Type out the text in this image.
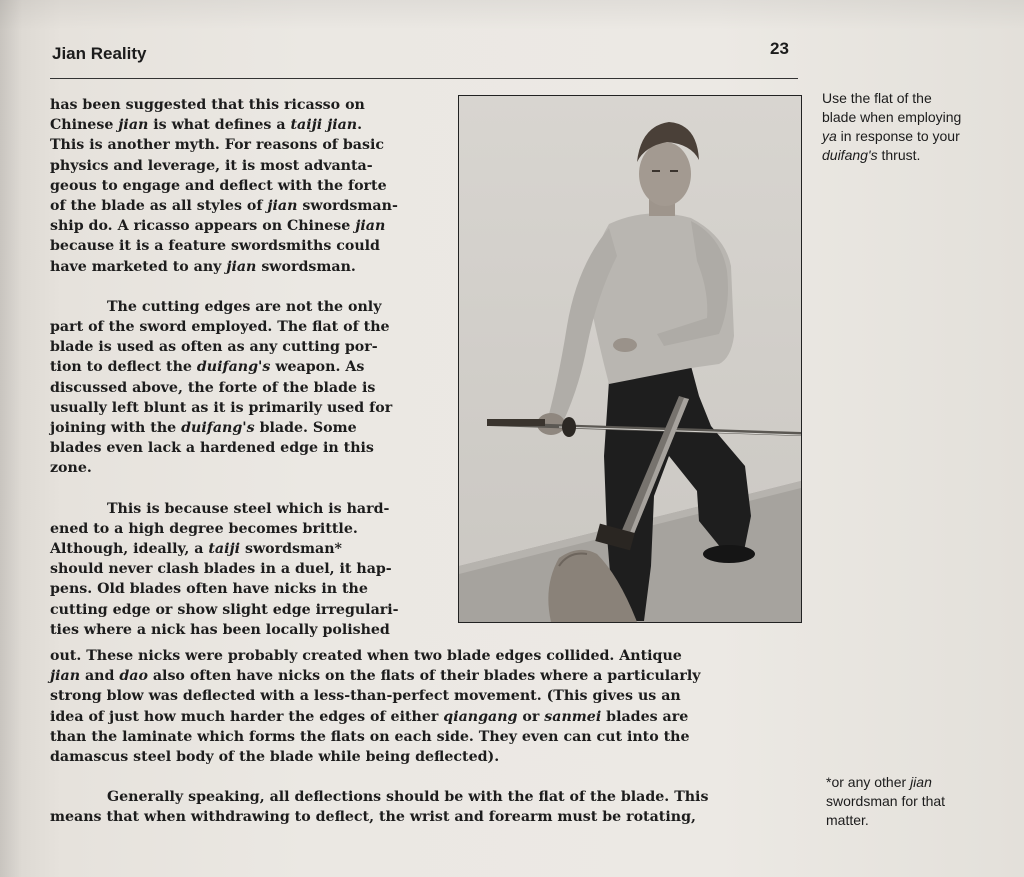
Jian Reality	23

has been suggested that this ricasso on
Chinese jian is what defines a taiji jian.
This is another myth. For reasons of basic
physics and leverage, it is most advanta-
geous to engage and deflect with the forte
of the blade as all styles of jian swordsman-
ship do. A ricasso appears on Chinese jian
because it is a feature swordsmiths could
have marketed to any jian swordsman.

The cutting edges are not the only
part of the sword employed. The flat of the
blade is used as often as any cutting por-
tion to deflect the duifang's weapon. As
discussed above, the forte of the blade is
usually left blunt as it is primarily used for
joining with the duifang's blade. Some
blades even lack a hardened edge in this
zone.

This is because steel which is hard-
ened to a high degree becomes brittle.
Although, ideally, a taiji swordsman*
should never clash blades in a duel, it hap-
pens. Old blades often have nicks in the
cutting edge or show slight edge irregulari-
ties where a nick has been locally polished

out. These nicks were probably created when two blade edges collided. Antique
jian and dao also often have nicks on the flats of their blades where a particularly
strong blow was deflected with a less-than-perfect movement. (This gives us an
idea of just how much harder the edges of either qiangang or sanmei blades are
than the laminate which forms the flats on each side. They even can cut into the
damascus steel body of the blade while being deflected).

Generally speaking, all deflections should be with the flat of the blade. This
means that when withdrawing to deflect, the wrist and forearm must be rotating,

Use the flat of the
blade when employing
ya in response to your
duifang's thrust.
*or any other jian
swordsman for that
matter.
